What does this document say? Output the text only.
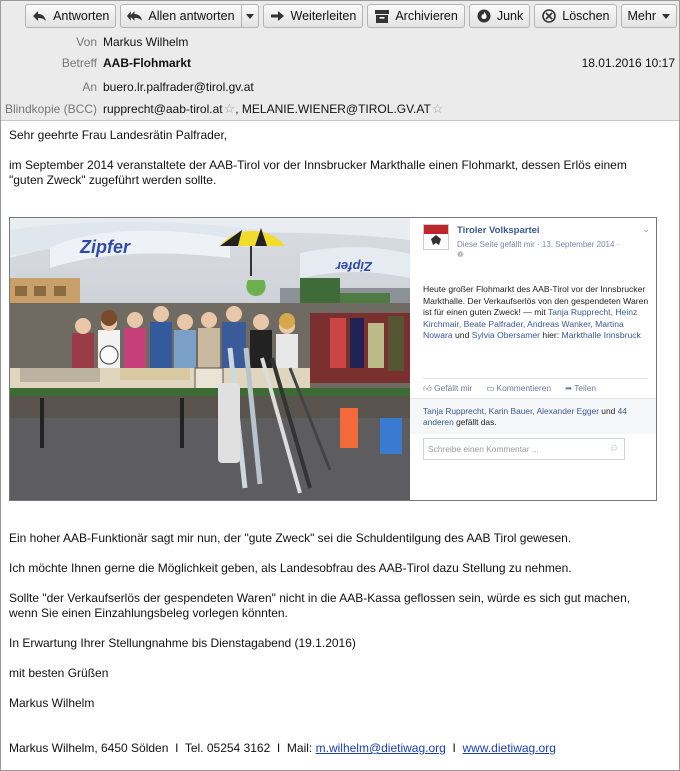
Antworten	Allen antworten	Weiterleiten	Archivieren	Junk	Löschen Mehr
Von Markus Wilhelm
Betreff AAB-Flohmarkt	18.01.2016 10:17
An buero.lr.palfrader@tirol.gv.at
Blindkopie (BCC) rupprecht@aab-tirol.at ☆ , MELANIE.WIENER@TIROL.GV.AT ☆
Sehr geehrte Frau Landesrätin Palfrader,
im September 2014 veranstaltete der AAB-Tirol vor der Innsbrucker Markthalle einen Flohmarkt, dessen Erlös einem "guten Zweck" zugeführt werden sollte.
Ein hoher AAB-Funktionär sagt mir nun, der "gute Zweck" sei die Schuldentilgung des AAB Tirol gewesen.
Ich möchte Ihnen gerne die Möglichkeit geben, als Landesobfrau des AAB-Tirol dazu Stellung zu nehmen.
Sollte "der Verkaufserlös der gespendeten Waren" nicht in die AAB-Kassa geflossen sein, würde es sich gut machen, wenn Sie einen Einzahlungsbeleg vorlegen könnten.
In Erwartung Ihrer Stellungnahme bis Dienstagabend (19.1.2016)
mit besten Grüßen
Markus Wilhelm
Markus Wilhelm, 6450 Sölden  I  Tel. 05254 3162  I  Mail: m.wilhelm@dietiwag.org  I  www.dietiwag.org
Zipfer
Zipfer
Tiroler Volkspartei	⌄
Diese Seite gefällt mir · 13. September 2014 ·
❁
Heute großer Flohmarkt des AAB-Tirol vor der Innsbrucker Markthalle. Der Verkaufserlös von den gespendeten Waren ist für einen guten Zweck! — mit Tanja Rupprecht, Heinz Kirchmair, Beate Palfrader, Andreas Wanker, Martina Nowara und Sylvia Obersamer hier: Markthalle Innsbruck
👍︎ Gefällt mir ▭ Kommentieren ➦ Teilen
Tanja Rupprecht, Karin Bauer, Alexander Egger und 44 anderen gefällt das.
Schreibe einen Kommentar ...	☺
